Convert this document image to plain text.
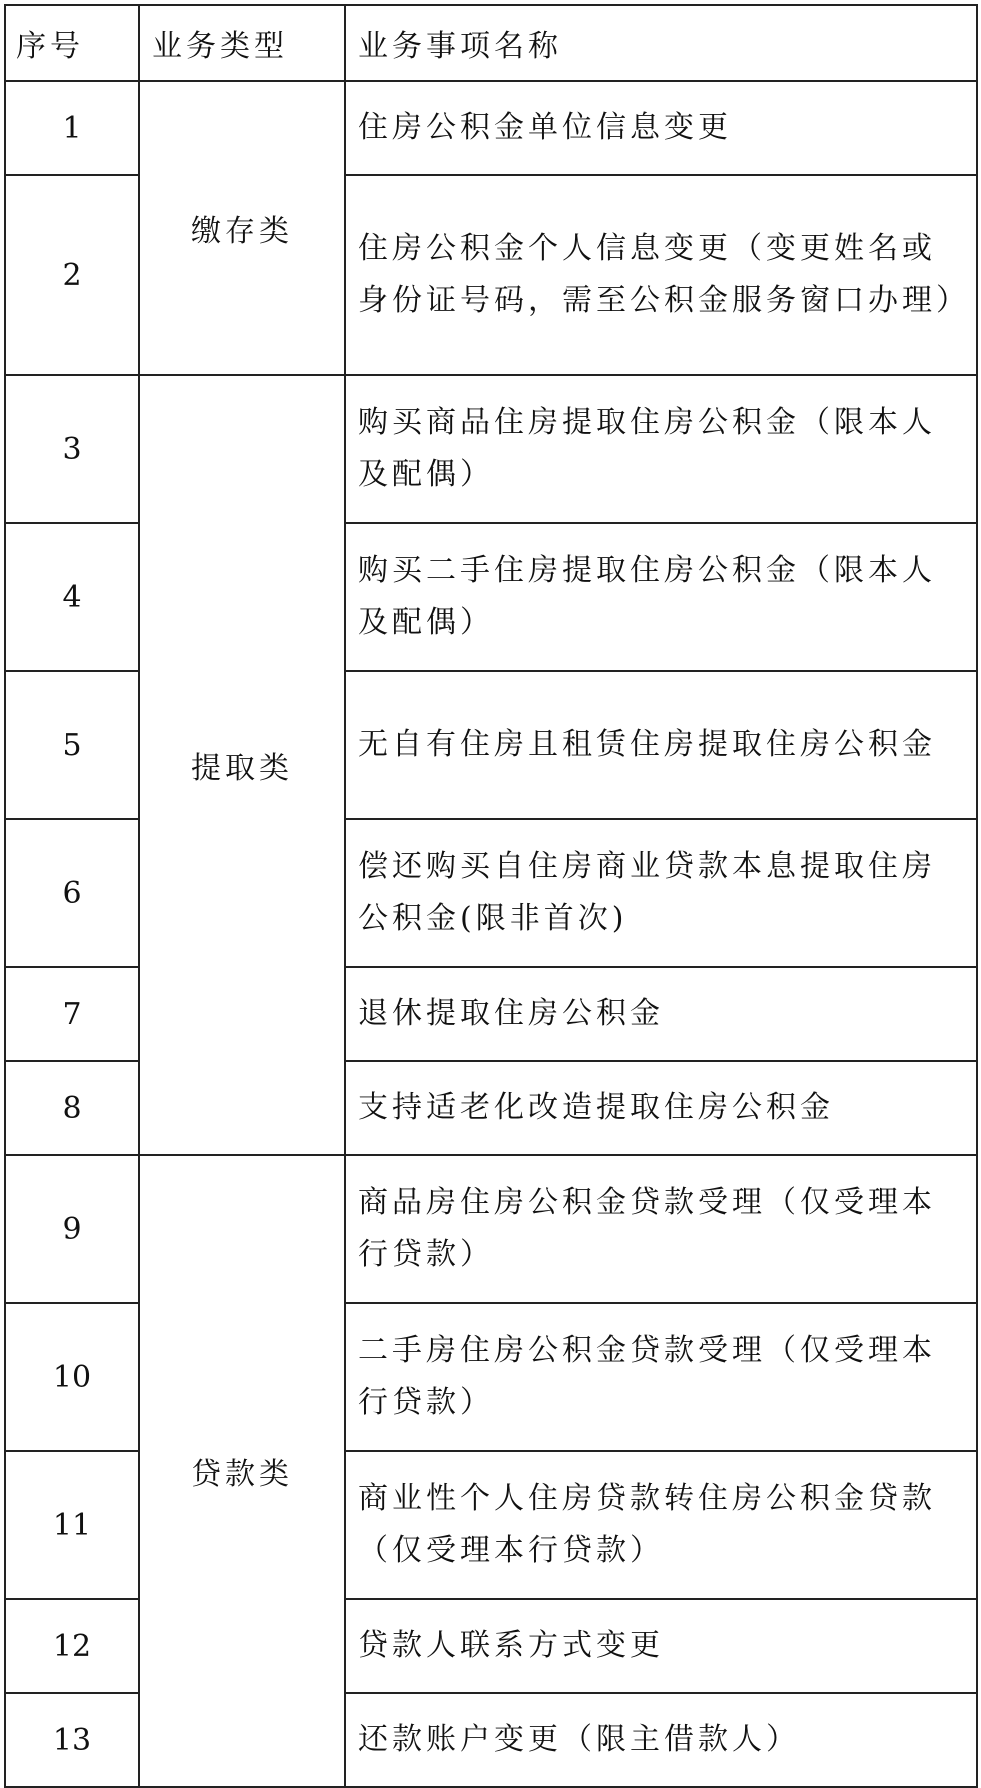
序号	业务类型	业务事项名称
1	缴存类	住房公积金单位信息变更
2		住房公积金个人信息变更（变更姓名或身份证号码，需至公积金服务窗口办理）
3	提取类	购买商品住房提取住房公积金（限本人及配偶）
4		购买二手住房提取住房公积金（限本人及配偶）
5		无自有住房且租赁住房提取住房公积金
6		偿还购买自住房商业贷款本息提取住房公积金(限非首次)
7		退休提取住房公积金
8		支持适老化改造提取住房公积金
9	贷款类	商品房住房公积金贷款受理（仅受理本行贷款）
10		二手房住房公积金贷款受理（仅受理本行贷款）
11		商业性个人住房贷款转住房公积金贷款（仅受理本行贷款）
12		贷款人联系方式变更
13		还款账户变更（限主借款人）
